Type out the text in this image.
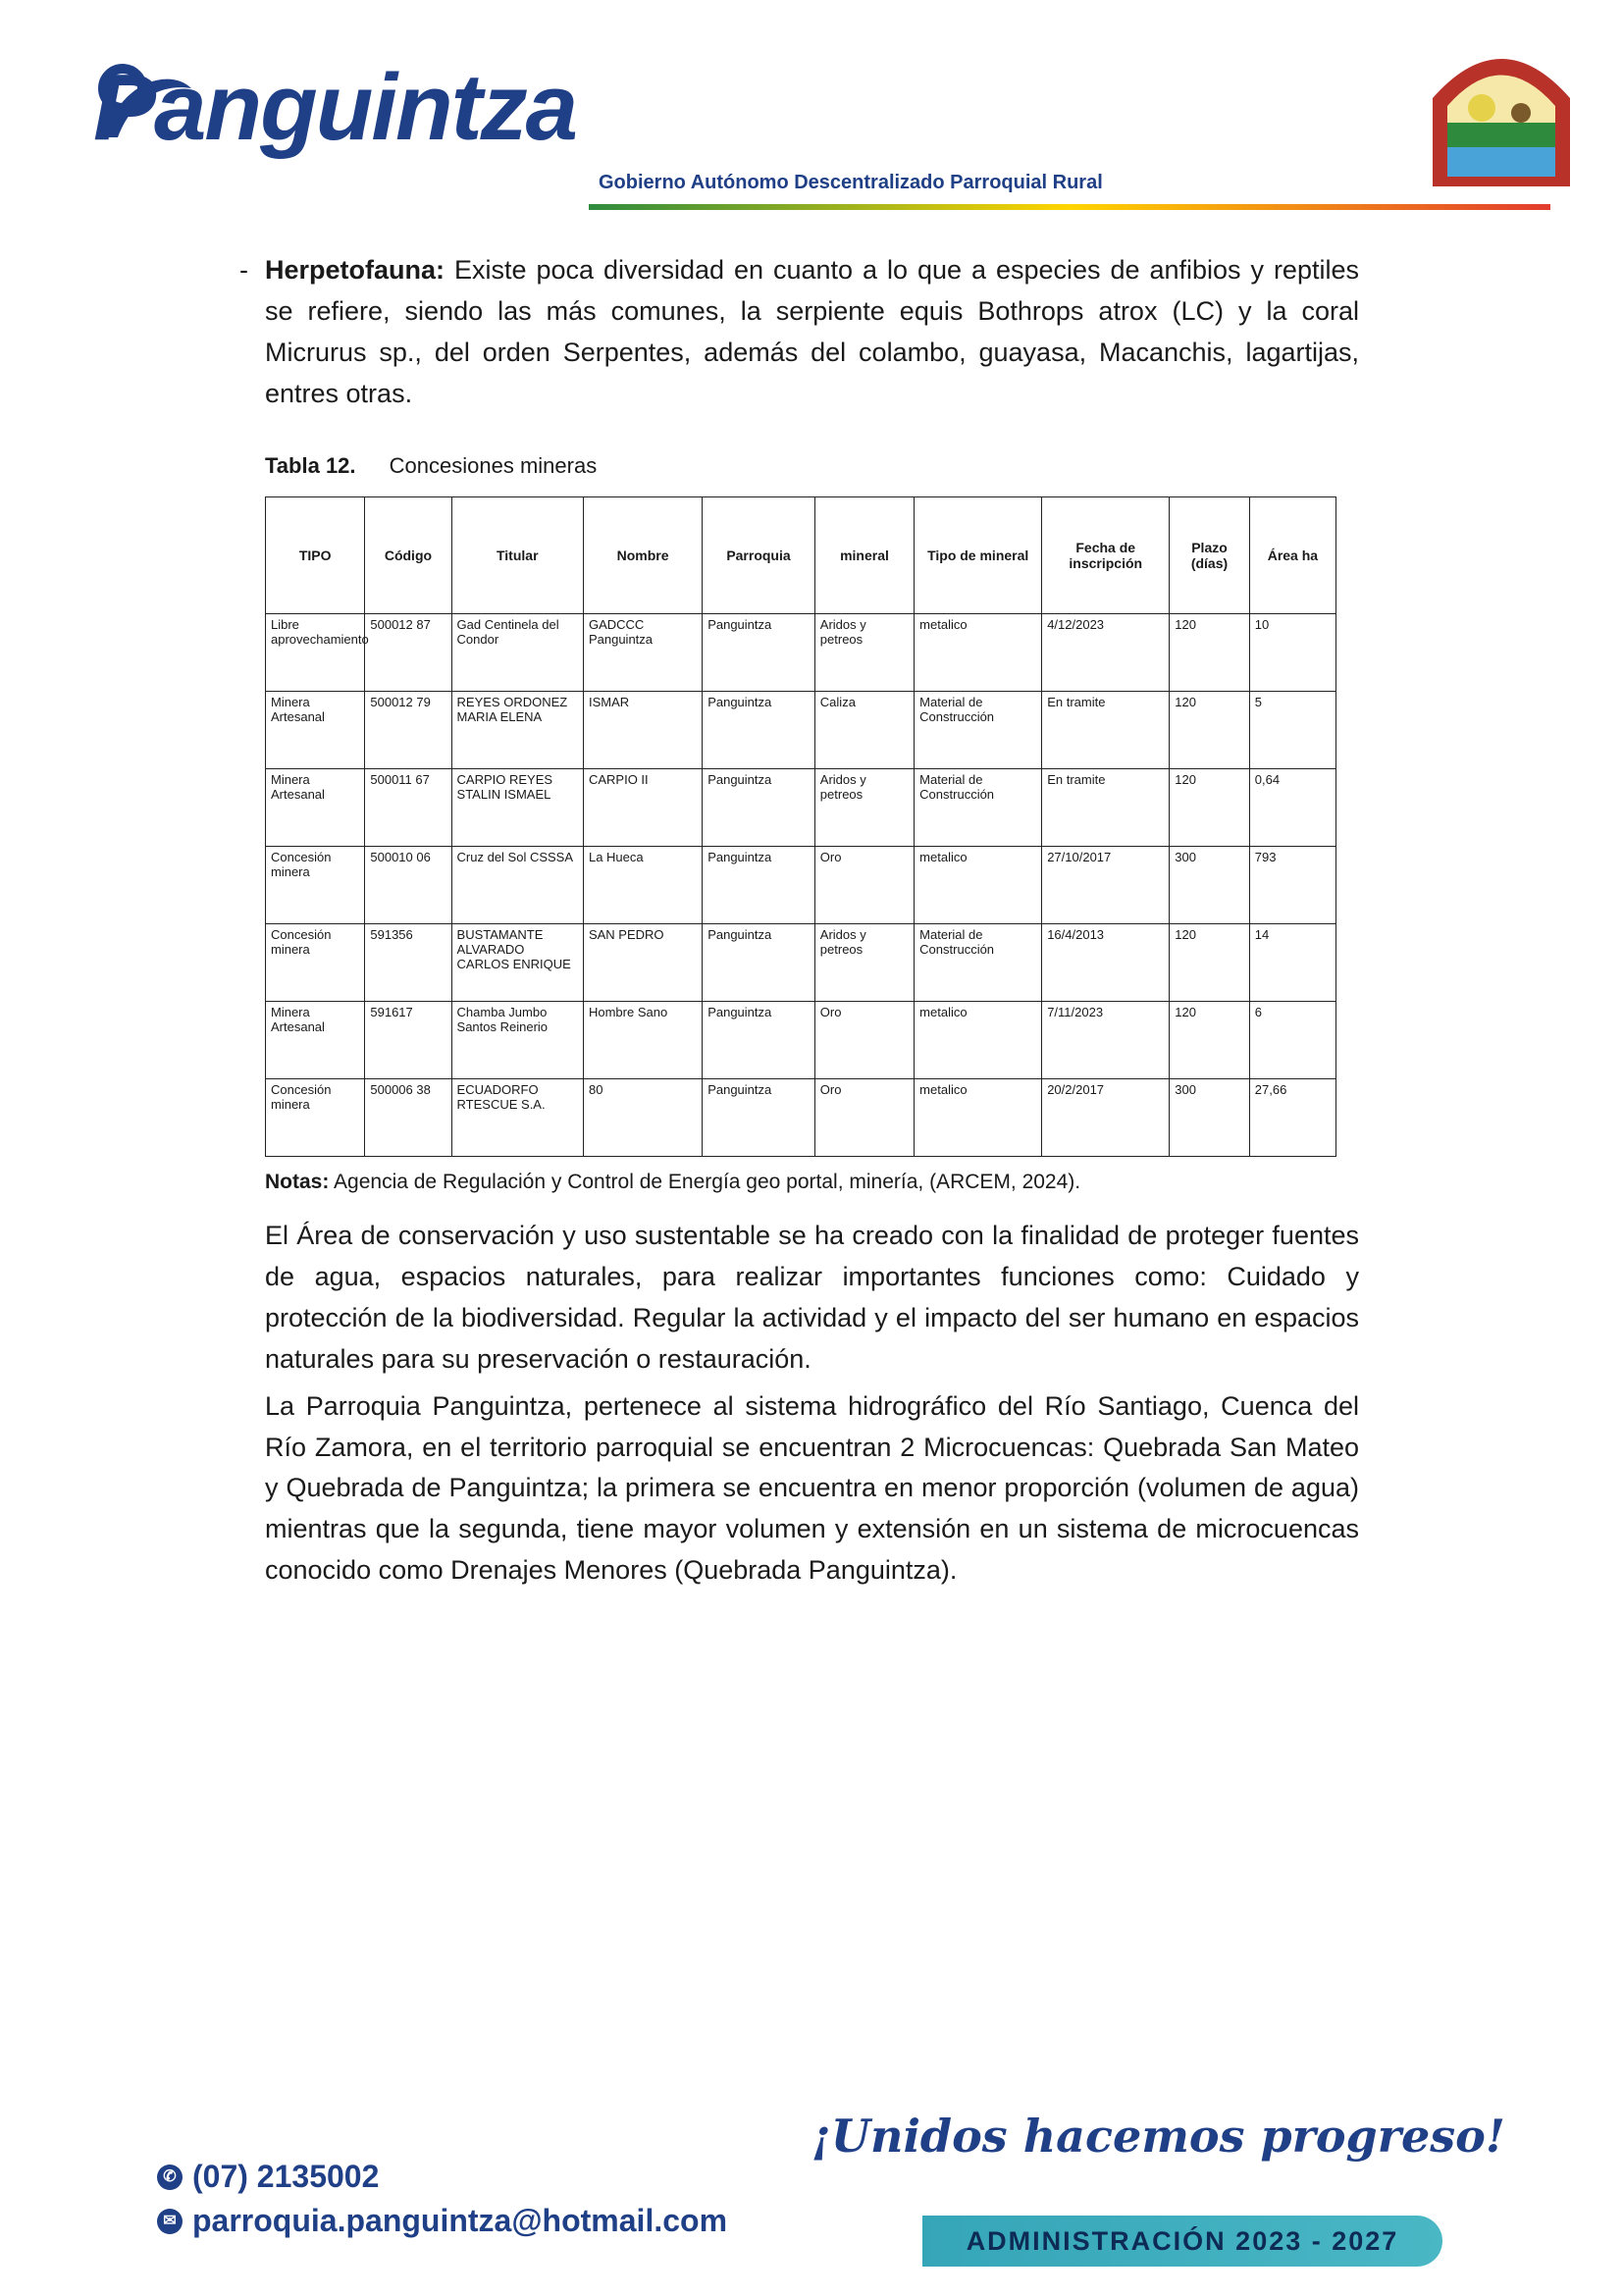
Panguintza
Gobierno Autónomo Descentralizado Parroquial Rural

- Herpetofauna: Existe poca diversidad en cuanto a lo que a especies de anfibios y reptiles se refiere, siendo las más comunes, la serpiente equis Bothrops atrox (LC) y la coral Micrurus sp., del orden Serpentes, además del colambo, guayasa, Macanchis, lagartijas, entres otras.

Tabla 12. Concesiones mineras
TIPO	Código	Titular	Nombre	Parroquia	mineral	Tipo de mineral	Fecha de inscripción	Plazo (días)	Área ha
Libre aprovechamiento	500012 87	Gad Centinela del Condor	GADCCC Panguintza	Panguintza	Aridos y petreos	metalico	4/12/2023	120	10
Minera Artesanal	500012 79	REYES ORDONEZ MARIA ELENA	ISMAR	Panguintza	Caliza	Material de Construcción	En tramite	120	5
Minera Artesanal	500011 67	CARPIO REYES STALIN ISMAEL	CARPIO II	Panguintza	Aridos y petreos	Material de Construcción	En tramite	120	0,64
Concesión minera	500010 06	Cruz del Sol CSSSA	La Hueca	Panguintza	Oro	metalico	27/10/2017	300	793
Concesión minera	591356	BUSTAMANTE ALVARADO CARLOS ENRIQUE	SAN PEDRO	Panguintza	Aridos y petreos	Material de Construcción	16/4/2013	120	14
Minera Artesanal	591617	Chamba Jumbo Santos Reinerio	Hombre Sano	Panguintza	Oro	metalico	7/11/2023	120	6
Concesión minera	500006 38	ECUADORFO RTESCUE S.A.	80	Panguintza	Oro	metalico	20/2/2017	300	27,66
Notas: Agencia de Regulación y Control de Energía geo portal, minería, (ARCEM, 2024).

El Área de conservación y uso sustentable se ha creado con la finalidad de proteger fuentes de agua, espacios naturales, para realizar importantes funciones como: Cuidado y protección de la biodiversidad. Regular la actividad y el impacto del ser humano en espacios naturales para su preservación o restauración.

La Parroquia Panguintza, pertenece al sistema hidrográfico del Río Santiago, Cuenca del Río Zamora, en el territorio parroquial se encuentran 2 Microcuencas: Quebrada San Mateo y Quebrada de Panguintza; la primera se encuentra en menor proporción (volumen de agua) mientras que la segunda, tiene mayor volumen y extensión en un sistema de microcuencas conocido como Drenajes Menores (Quebrada Panguintza).

¡Unidos hacemos progreso!
✆ (07) 2135002
✉ parroquia.panguintza@hotmail.com
ADMINISTRACIÓN 2023 - 2027
